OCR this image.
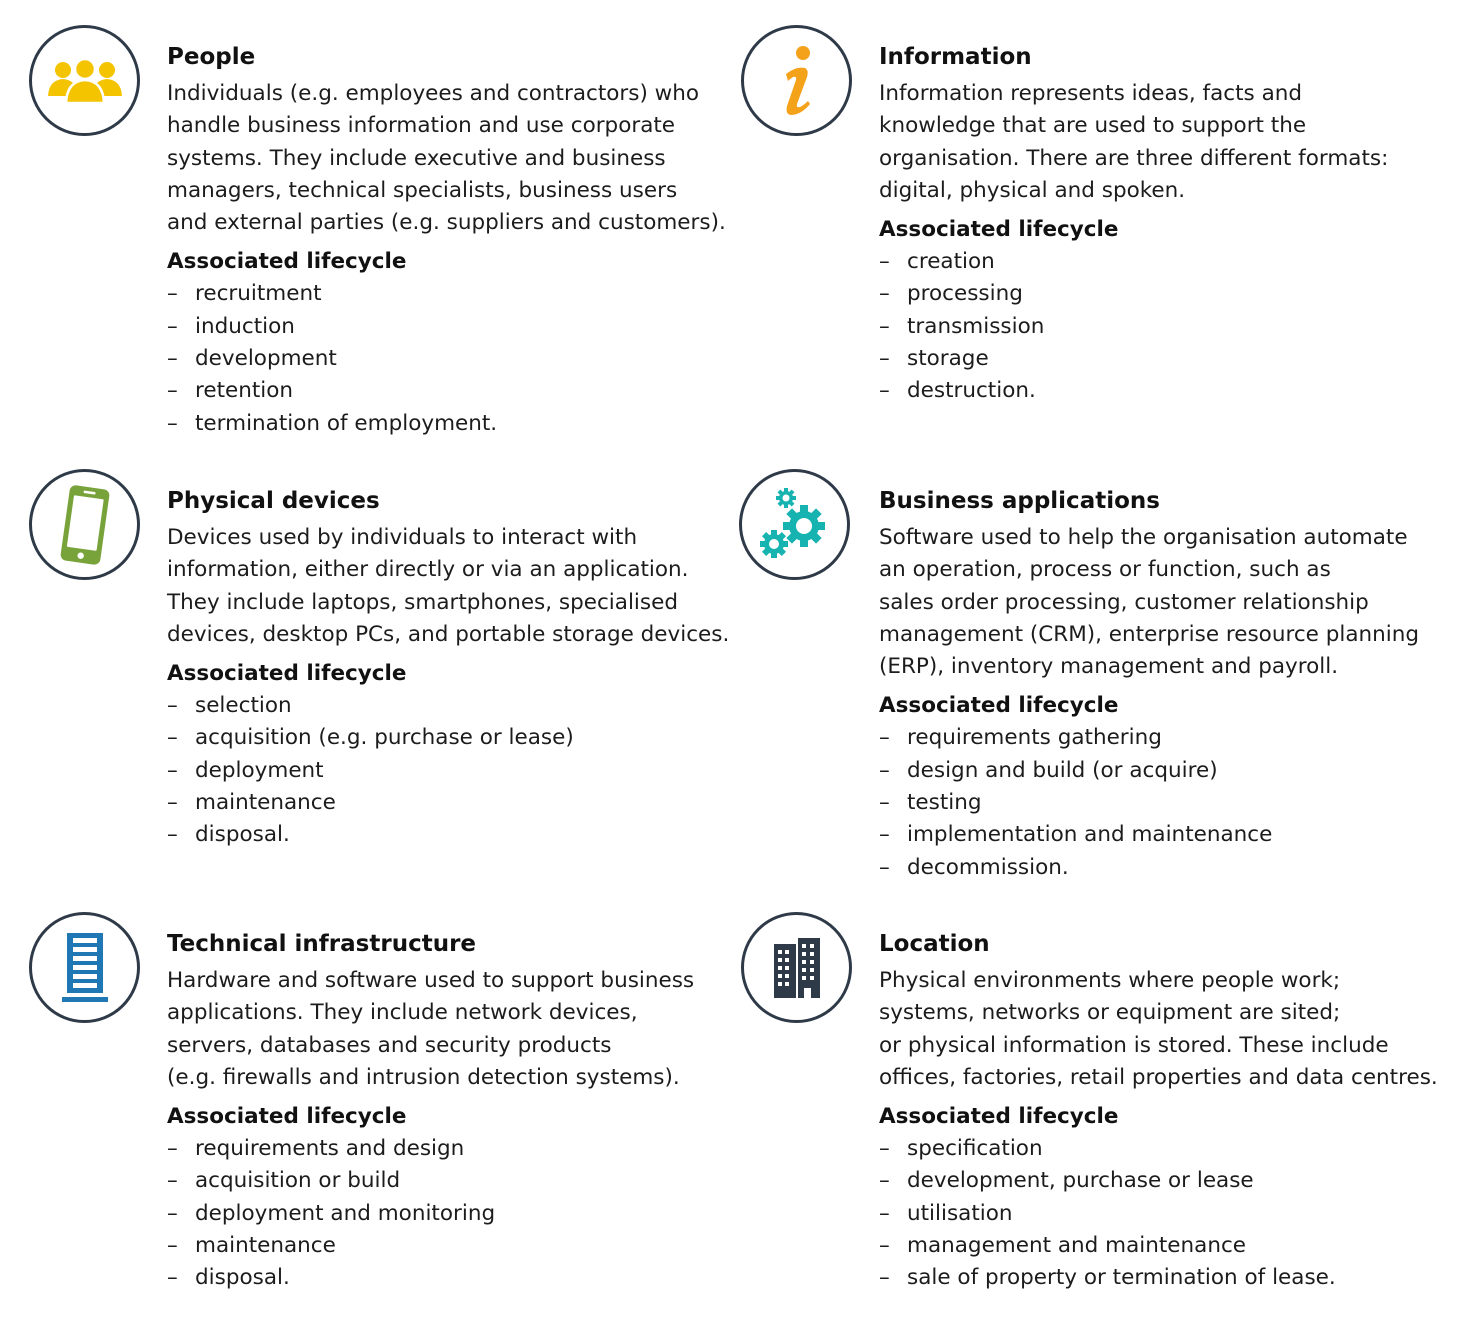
People

Individuals (e.g. employees and contractors) who
handle business information and use corporate
systems. They include executive and business
managers, technical specialists, business users
and external parties (e.g. suppliers and customers).

Associated lifecycle
– recruitment
– induction
– development
– retention
– termination of employment.
Information

Information represents ideas, facts and
knowledge that are used to support the
organisation. There are three different formats:
digital, physical and spoken.

Associated lifecycle
– creation
– processing
– transmission
– storage
– destruction.
Physical devices

Devices used by individuals to interact with
information, either directly or via an application.
They include laptops, smartphones, specialised
devices, desktop PCs, and portable storage devices.

Associated lifecycle
– selection
– acquisition (e.g. purchase or lease)
– deployment
– maintenance
– disposal.
Business applications

Software used to help the organisation automate
an operation, process or function, such as
sales order processing, customer relationship
management (CRM), enterprise resource planning
(ERP), inventory management and payroll.

Associated lifecycle
– requirements gathering
– design and build (or acquire)
– testing
– implementation and maintenance
– decommission.
Technical infrastructure

Hardware and software used to support business
applications. They include network devices,
servers, databases and security products
(e.g. firewalls and intrusion detection systems).

Associated lifecycle
– requirements and design
– acquisition or build
– deployment and monitoring
– maintenance
– disposal.
Location

Physical environments where people work;
systems, networks or equipment are sited;
or physical information is stored. These include
offices, factories, retail properties and data centres.

Associated lifecycle
– specification
– development, purchase or lease
– utilisation
– management and maintenance
– sale of property or termination of lease.
